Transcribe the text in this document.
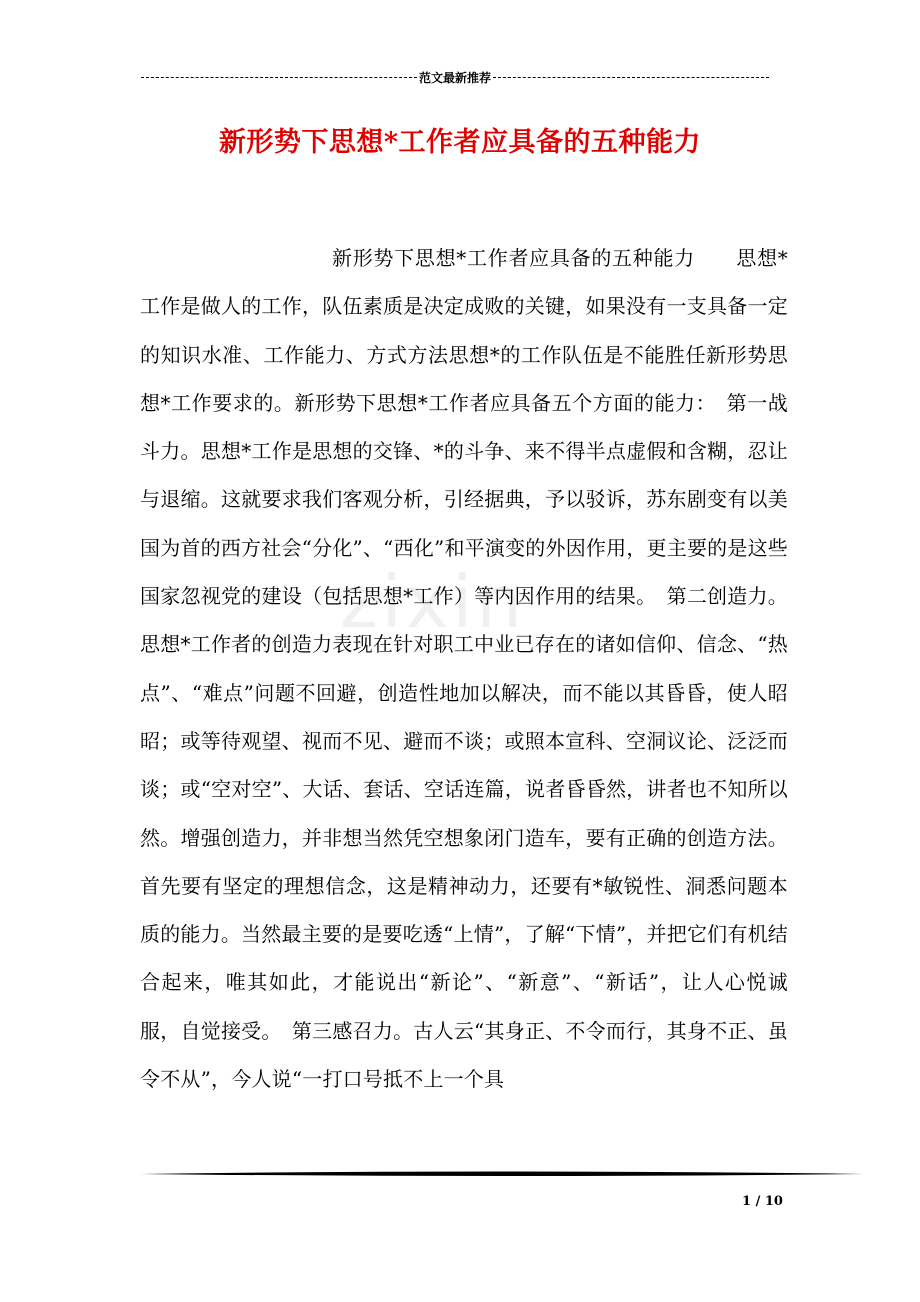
范文最新推荐
新形势下思想*工作者应具备的五种能力
zixin
新形势下思想*工作者应具备的五种能力　　思想*工作是做人的工作，队伍素质是决定成败的关键，如果没有一支具备一定的知识水准、工作能力、方式方法思想*的工作队伍是不能胜任新形势思想*工作要求的。新形势下思想*工作者应具备五个方面的能力：　第一战斗力。思想*工作是思想的交锋、*的斗争、来不得半点虚假和含糊，忍让与退缩。这就要求我们客观分析，引经据典，予以驳诉，苏东剧变有以美国为首的西方社会“分化”、“西化”和平演变的外因作用，更主要的是这些国家忽视党的建设（包括思想*工作）等内因作用的结果。　第二创造力。思想*工作者的创造力表现在针对职工中业已存在的诸如信仰、信念、“热点”、“难点”问题不回避，创造性地加以解决，而不能以其昏昏，使人昭昭；或等待观望、视而不见、避而不谈；或照本宣科、空洞议论、泛泛而谈；或“空对空”、大话、套话、空话连篇，说者昏昏然，讲者也不知所以然。增强创造力，并非想当然凭空想象闭门造车，要有正确的创造方法。首先要有坚定的理想信念，这是精神动力，还要有*敏锐性、洞悉问题本质的能力。当然最主要的是要吃透“上情”，了解“下情”，并把它们有机结合起来，唯其如此，才能说出“新论”、“新意”、“新话”，让人心悦诚服，自觉接受。　第三感召力。古人云“其身正、不令而行，其身不正、虽令不从”，今人说“一打口号抵不上一个具
1 / 10
